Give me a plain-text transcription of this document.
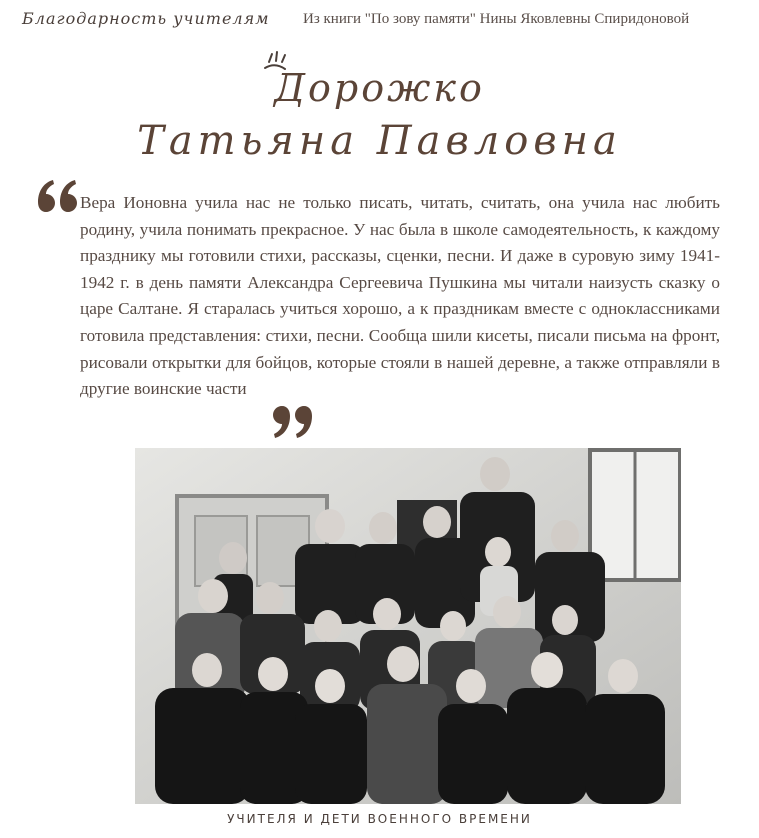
Благодарность учителям Из книги "По зову памяти" Нины Яковлевны Спиридоновой
Дорожко
Татьяна Павловна
Вера Ионовна учила нас не только писать, читать, считать, она учила нас любить родину, учила понимать прекрасное. У нас была в школе самодеятельность, к каждому празднику мы готовили стихи, рассказы, сценки, песни. И даже в суровую зиму 1941-1942 г. в день памяти Александра Сергеевича Пушкина мы читали наизусть сказку о царе Салтане. Я старалась учиться хорошо, а к праздникам вместе с одноклассниками готовила представления: стихи, песни. Сообща шили кисеты, писали письма на фронт, рисовали открытки для бойцов, которые стояли в нашей деревне, а также отправляли в другие воинские части
УЧИТЕЛЯ И ДЕТИ ВОЕННОГО ВРЕМЕНИ
